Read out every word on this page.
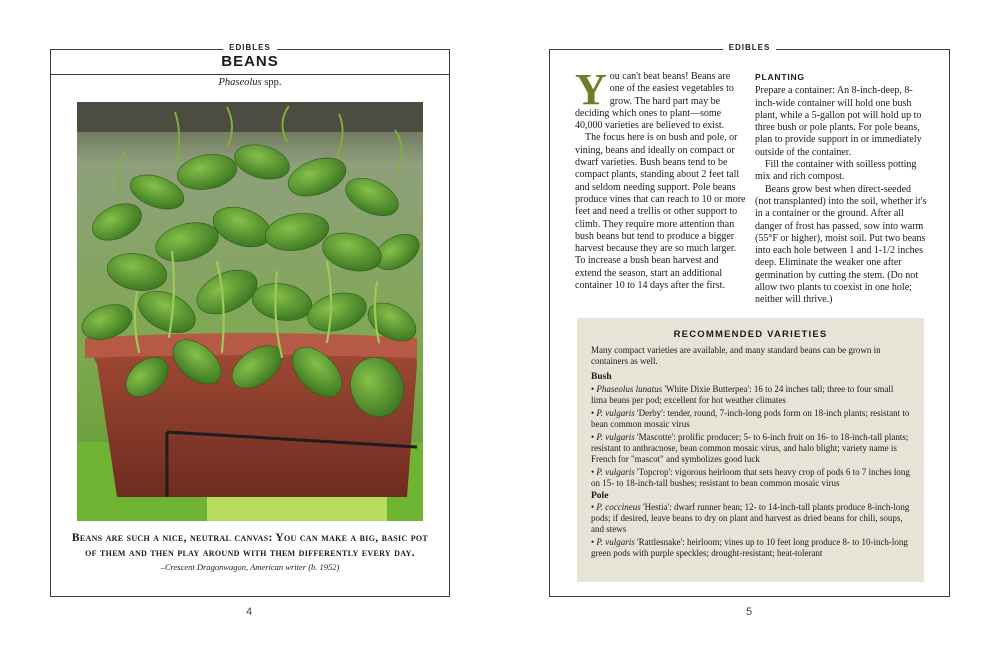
EDIBLES
BEANS
Phaseolus spp.
Beans are such a nice, neutral canvas: You can make a big, basic pot of them and then play around with them differently every day.
–Crescent Dragonwagon, American writer (b. 1952)
4
EDIBLES

You can't beat beans! Beans are one of the easiest vegetables to grow. The hard part may be deciding which ones to plant—some 40,000 varieties are believed to exist.

The focus here is on bush and pole, or vining, beans and ideally on compact or dwarf varieties. Bush beans tend to be compact plants, standing about 2 feet tall and seldom needing support. Pole beans produce vines that can reach to 10 or more feet and need a trellis or other support to climb. They require more attention than bush beans but tend to produce a bigger harvest because they are so much larger. To increase a bush bean harvest and extend the season, start an additional container 10 to 14 days after the first.

PLANTING

Prepare a container: An 8-inch-deep, 8-inch-wide container will hold one bush plant, while a 5-gallon pot will hold up to three bush or pole plants. For pole beans, plan to provide support in or immediately outside of the container.

Fill the container with soilless potting mix and rich compost.

Beans grow best when direct-seeded (not transplanted) into the soil, whether it's in a container or the ground. After all danger of frost has passed, sow into warm (55°F or higher), moist soil. Put two beans into each hole between 1 and 1-1/2 inches deep. Eliminate the weaker one after germination by cutting the stem. (Do not allow two plants to coexist in one hole; neither will thrive.)

RECOMMENDED VARIETIES
Many compact varieties are available, and many standard beans can be grown in containers as well.
Bush
• Phaseolus lunatus 'White Dixie Butterpea': 16 to 24 inches tall; three to four small lima beans per pod; excellent for hot weather climates
• P. vulgaris 'Derby': tender, round, 7-inch-long pods form on 18-inch plants; resistant to bean common mosaic virus
• P. vulgaris 'Mascotte': prolific producer; 5- to 6-inch fruit on 16- to 18-inch-tall plants; resistant to anthracnose, bean common mosaic virus, and halo blight; variety name is French for "mascot" and symbolizes good luck
• P. vulgaris 'Topcrop': vigorous heirloom that sets heavy crop of pods 6 to 7 inches long on 15- to 18-inch-tall bushes; resistant to bean common mosaic virus
Pole
• P. coccineus 'Hestia': dwarf runner bean; 12- to 14-inch-tall plants produce 8-inch-long pods; if desired, leave beans to dry on plant and harvest as dried beans for chili, soups, and stews
• P. vulgaris 'Rattlesnake': heirloom; vines up to 10 feet long produce 8- to 10-inch-long green pods with purple speckles; drought-resistant; heat-tolerant
5
